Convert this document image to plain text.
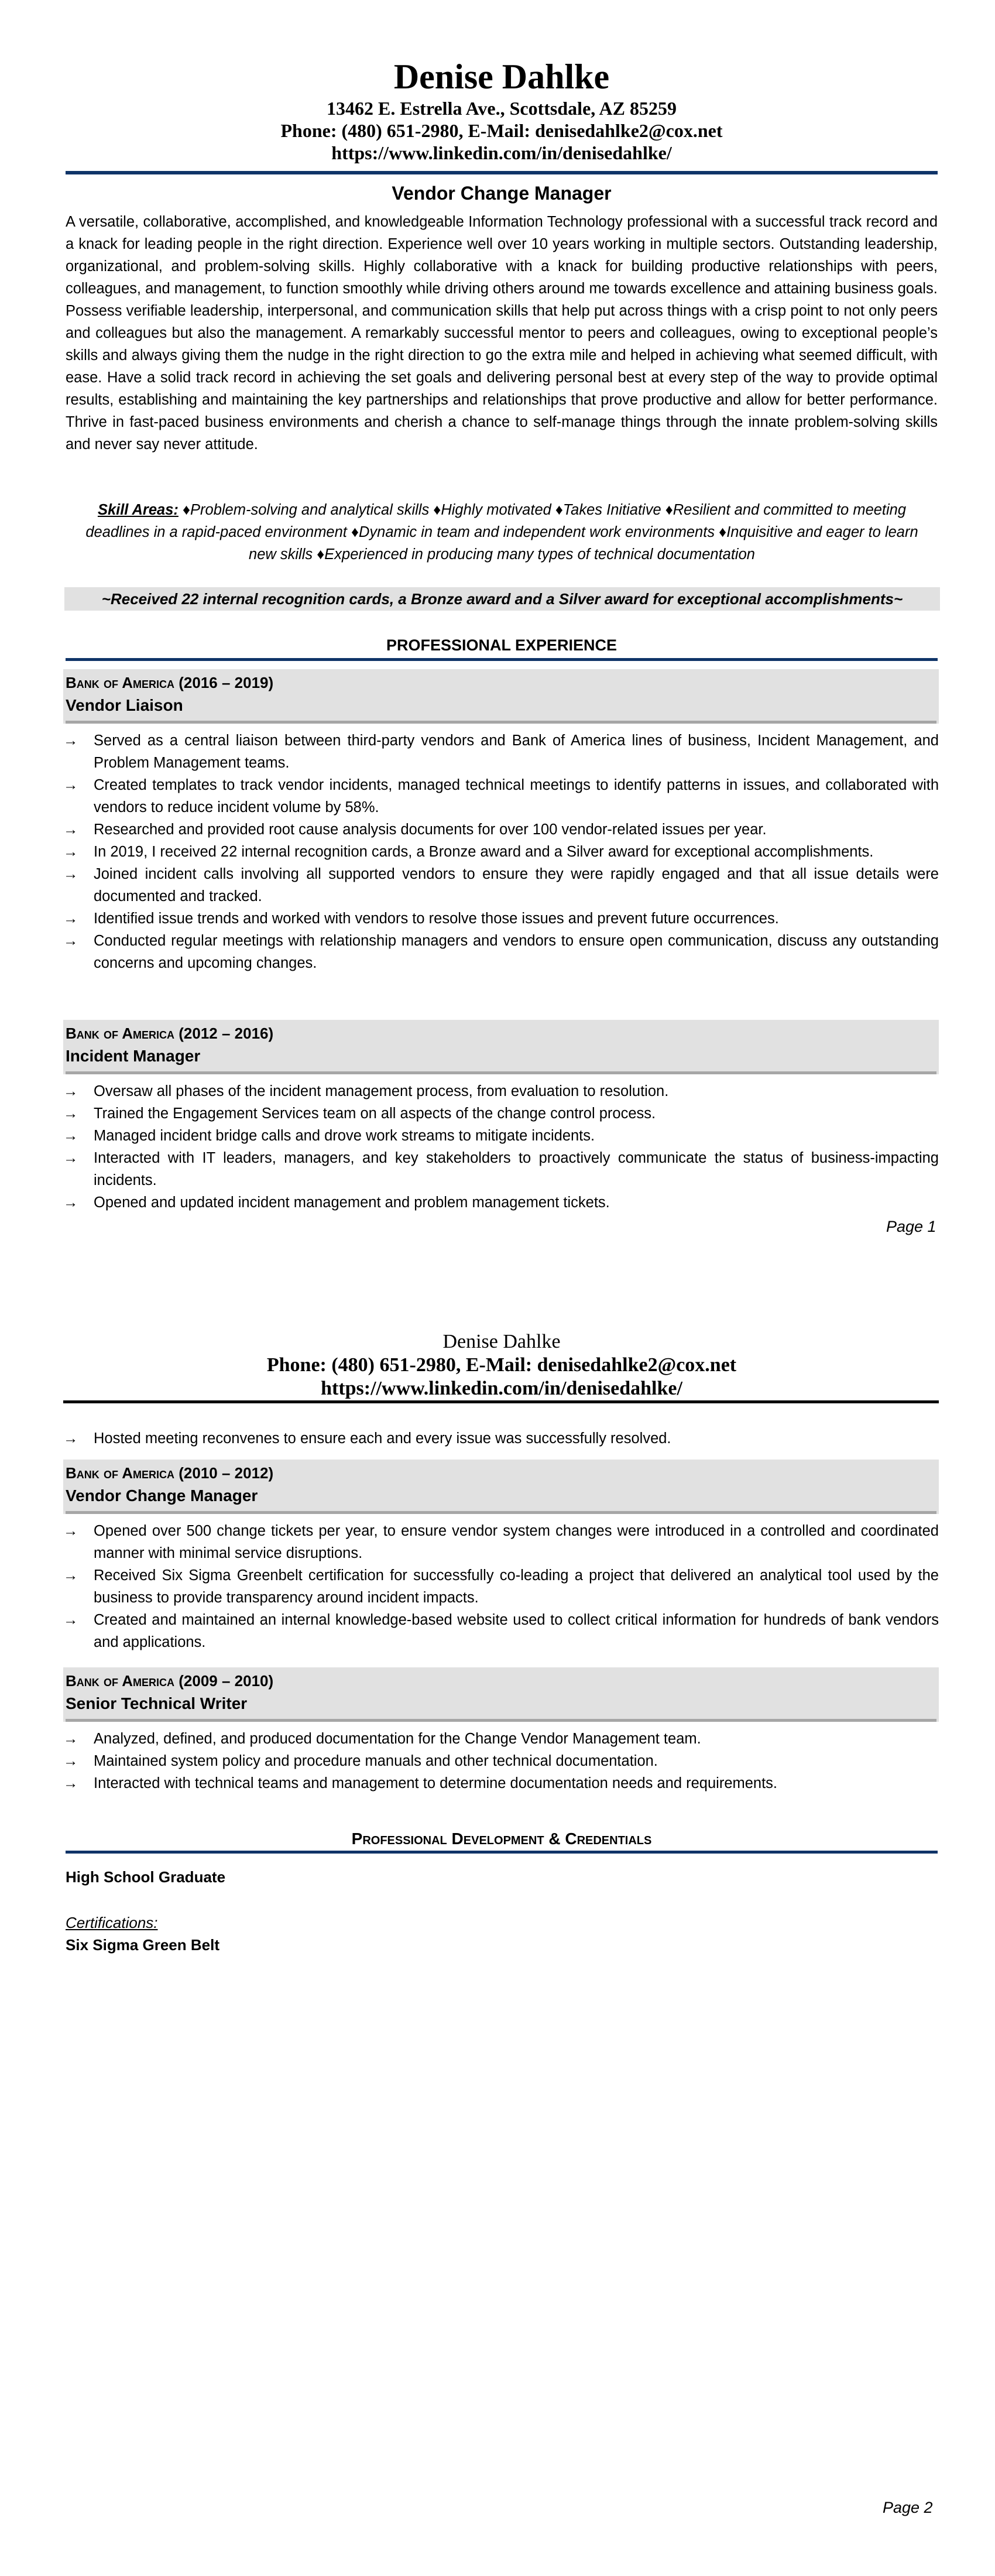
Denise Dahlke
13462 E. Estrella Ave., Scottsdale, AZ 85259
Phone: (480) 651-2980, E-Mail: denisedahlke2@cox.net
https://www.linkedin.com/in/denisedahlke/
Vendor Change Manager

A versatile, collaborative, accomplished, and knowledgeable Information Technology professional with a successful track record and a knack for leading people in the right direction. Experience well over 10 years working in multiple sectors. Outstanding leadership, organizational, and problem-solving skills. Highly collaborative with a knack for building productive relationships with peers, colleagues, and management, to function smoothly while driving others around me towards excellence and attaining business goals.

Possess verifiable leadership, interpersonal, and communication skills that help put across things with a crisp point to not only peers and colleagues but also the management. A remarkably successful mentor to peers and colleagues, owing to exceptional people’s skills and always giving them the nudge in the right direction to go the extra mile and helped in achieving what seemed difficult, with ease. Have a solid track record in achieving the set goals and delivering personal best at every step of the way to provide optimal results, establishing and maintaining the key partnerships and relationships that prove productive and allow for better performance. Thrive in fast-paced business environments and cherish a chance to self-manage things through the innate problem-solving skills and never say never attitude.

Skill Areas: ♦Problem-solving and analytical skills ♦Highly motivated ♦Takes Initiative ♦Resilient and committed to meeting deadlines in a rapid-paced environment ♦Dynamic in team and independent work environments ♦Inquisitive and eager to learn new skills ♦Experienced in producing many types of technical documentation
~Received 22 internal recognition cards, a Bronze award and a Silver award for exceptional accomplishments~
PROFESSIONAL EXPERIENCE
Bank of America (2016 – 2019)
Vendor Liaison
→	Served as a central liaison between third-party vendors and Bank of America lines of business, Incident Management, and Problem Management teams.
→	Created templates to track vendor incidents, managed technical meetings to identify patterns in issues, and collaborated with vendors to reduce incident volume by 58%.
→	Researched and provided root cause analysis documents for over 100 vendor-related issues per year.
→	In 2019, I received 22 internal recognition cards, a Bronze award and a Silver award for exceptional accomplishments.
→	Joined incident calls involving all supported vendors to ensure they were rapidly engaged and that all issue details were documented and tracked.
→	Identified issue trends and worked with vendors to resolve those issues and prevent future occurrences.
→	Conducted regular meetings with relationship managers and vendors to ensure open communication, discuss any outstanding concerns and upcoming changes.
Bank of America (2012 – 2016)
Incident Manager
→	Oversaw all phases of the incident management process, from evaluation to resolution.
→	Trained the Engagement Services team on all aspects of the change control process.
→	Managed incident bridge calls and drove work streams to mitigate incidents.
→	Interacted with IT leaders, managers, and key stakeholders to proactively communicate the status of business-impacting incidents.
→	Opened and updated incident management and problem management tickets.
Page 1
Denise Dahlke
Phone: (480) 651-2980, E-Mail: denisedahlke2@cox.net
https://www.linkedin.com/in/denisedahlke/
→	Hosted meeting reconvenes to ensure each and every issue was successfully resolved.
Bank of America (2010 – 2012)
Vendor Change Manager
→	Opened over 500 change tickets per year, to ensure vendor system changes were introduced in a controlled and coordinated manner with minimal service disruptions.
→	Received Six Sigma Greenbelt certification for successfully co-leading a project that delivered an analytical tool used by the business to provide transparency around incident impacts.
→	Created and maintained an internal knowledge-based website used to collect critical information for hundreds of bank vendors and applications.
Bank of America (2009 – 2010)
Senior Technical Writer
→	Analyzed, defined, and produced documentation for the Change Vendor Management team.
→	Maintained system policy and procedure manuals and other technical documentation.
→	Interacted with technical teams and management to determine documentation needs and requirements.
Professional Development & Credentials
High School Graduate
Certifications:
Six Sigma Green Belt
Page 2
